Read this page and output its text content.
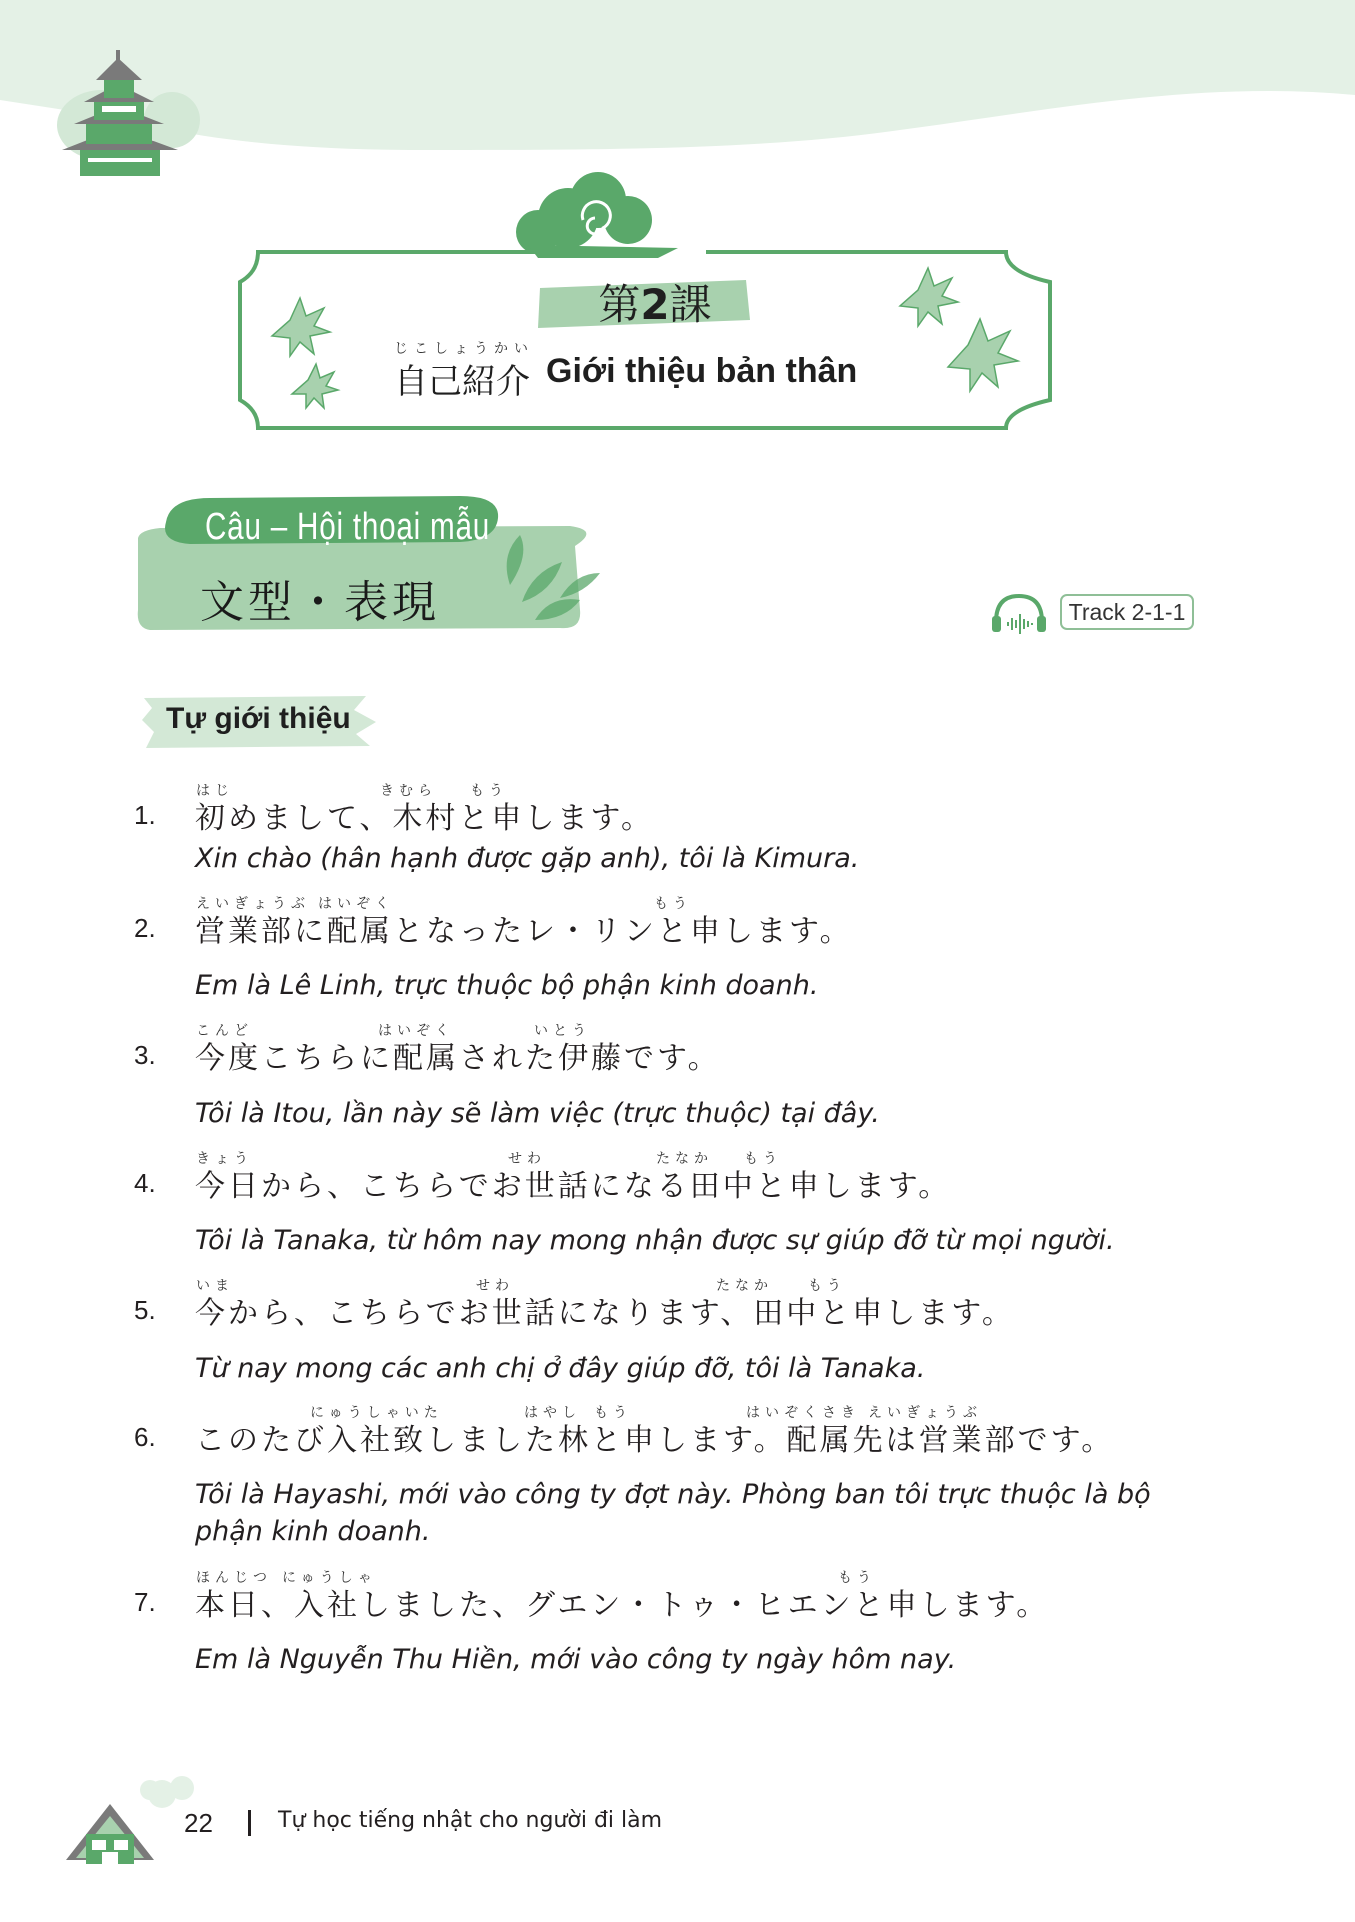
第2課
じこしょうかい
自己紹介 Giới thiệu bản thân
Câu – Hội thoại mẫu
文型・表現	Track 2-1-1
Tự giới thiệu
はじ	きむら もう
1. 初めまして、木村と申します。
Xin chào (hân hạnh được gặp anh), tôi là Kimura.
えいぎょうぶ はいぞく	もう
2. 営業部に配属となったレ・リンと申します。
Em là Lê Linh, trực thuộc bộ phận kinh doanh.
こんど	はいぞく	いとう
3. 今度こちらに配属された伊藤です。
Tôi là Itou, lần này sẽ làm việc (trực thuộc) tại đây.
きょう	せわ	たなか もう
4. 今日から、こちらでお世話になる田中と申します。
Tôi là Tanaka, từ hôm nay mong nhận được sự giúp đỡ từ mọi người.
いま	せわ	たなか	もう
5. 今から、こちらでお世話になります、田中と申します。
Từ nay mong các anh chị ở đây giúp đỡ, tôi là Tanaka.
にゅうしゃいた	はやし もう	はいぞくさき えいぎょうぶ
6. このたび入社致しました林と申します。配属先は営業部です。
Tôi là Hayashi, mới vào công ty đợt này. Phòng ban tôi trực thuộc là bộ phận kinh doanh.
ほんじつ にゅうしゃ	もう
7. 本日、入社しました、グエン・トゥ・ヒエンと申します。
Em là Nguyễn Thu Hiền, mới vào công ty ngày hôm nay.
22	Tự học tiếng nhật cho người đi làm
